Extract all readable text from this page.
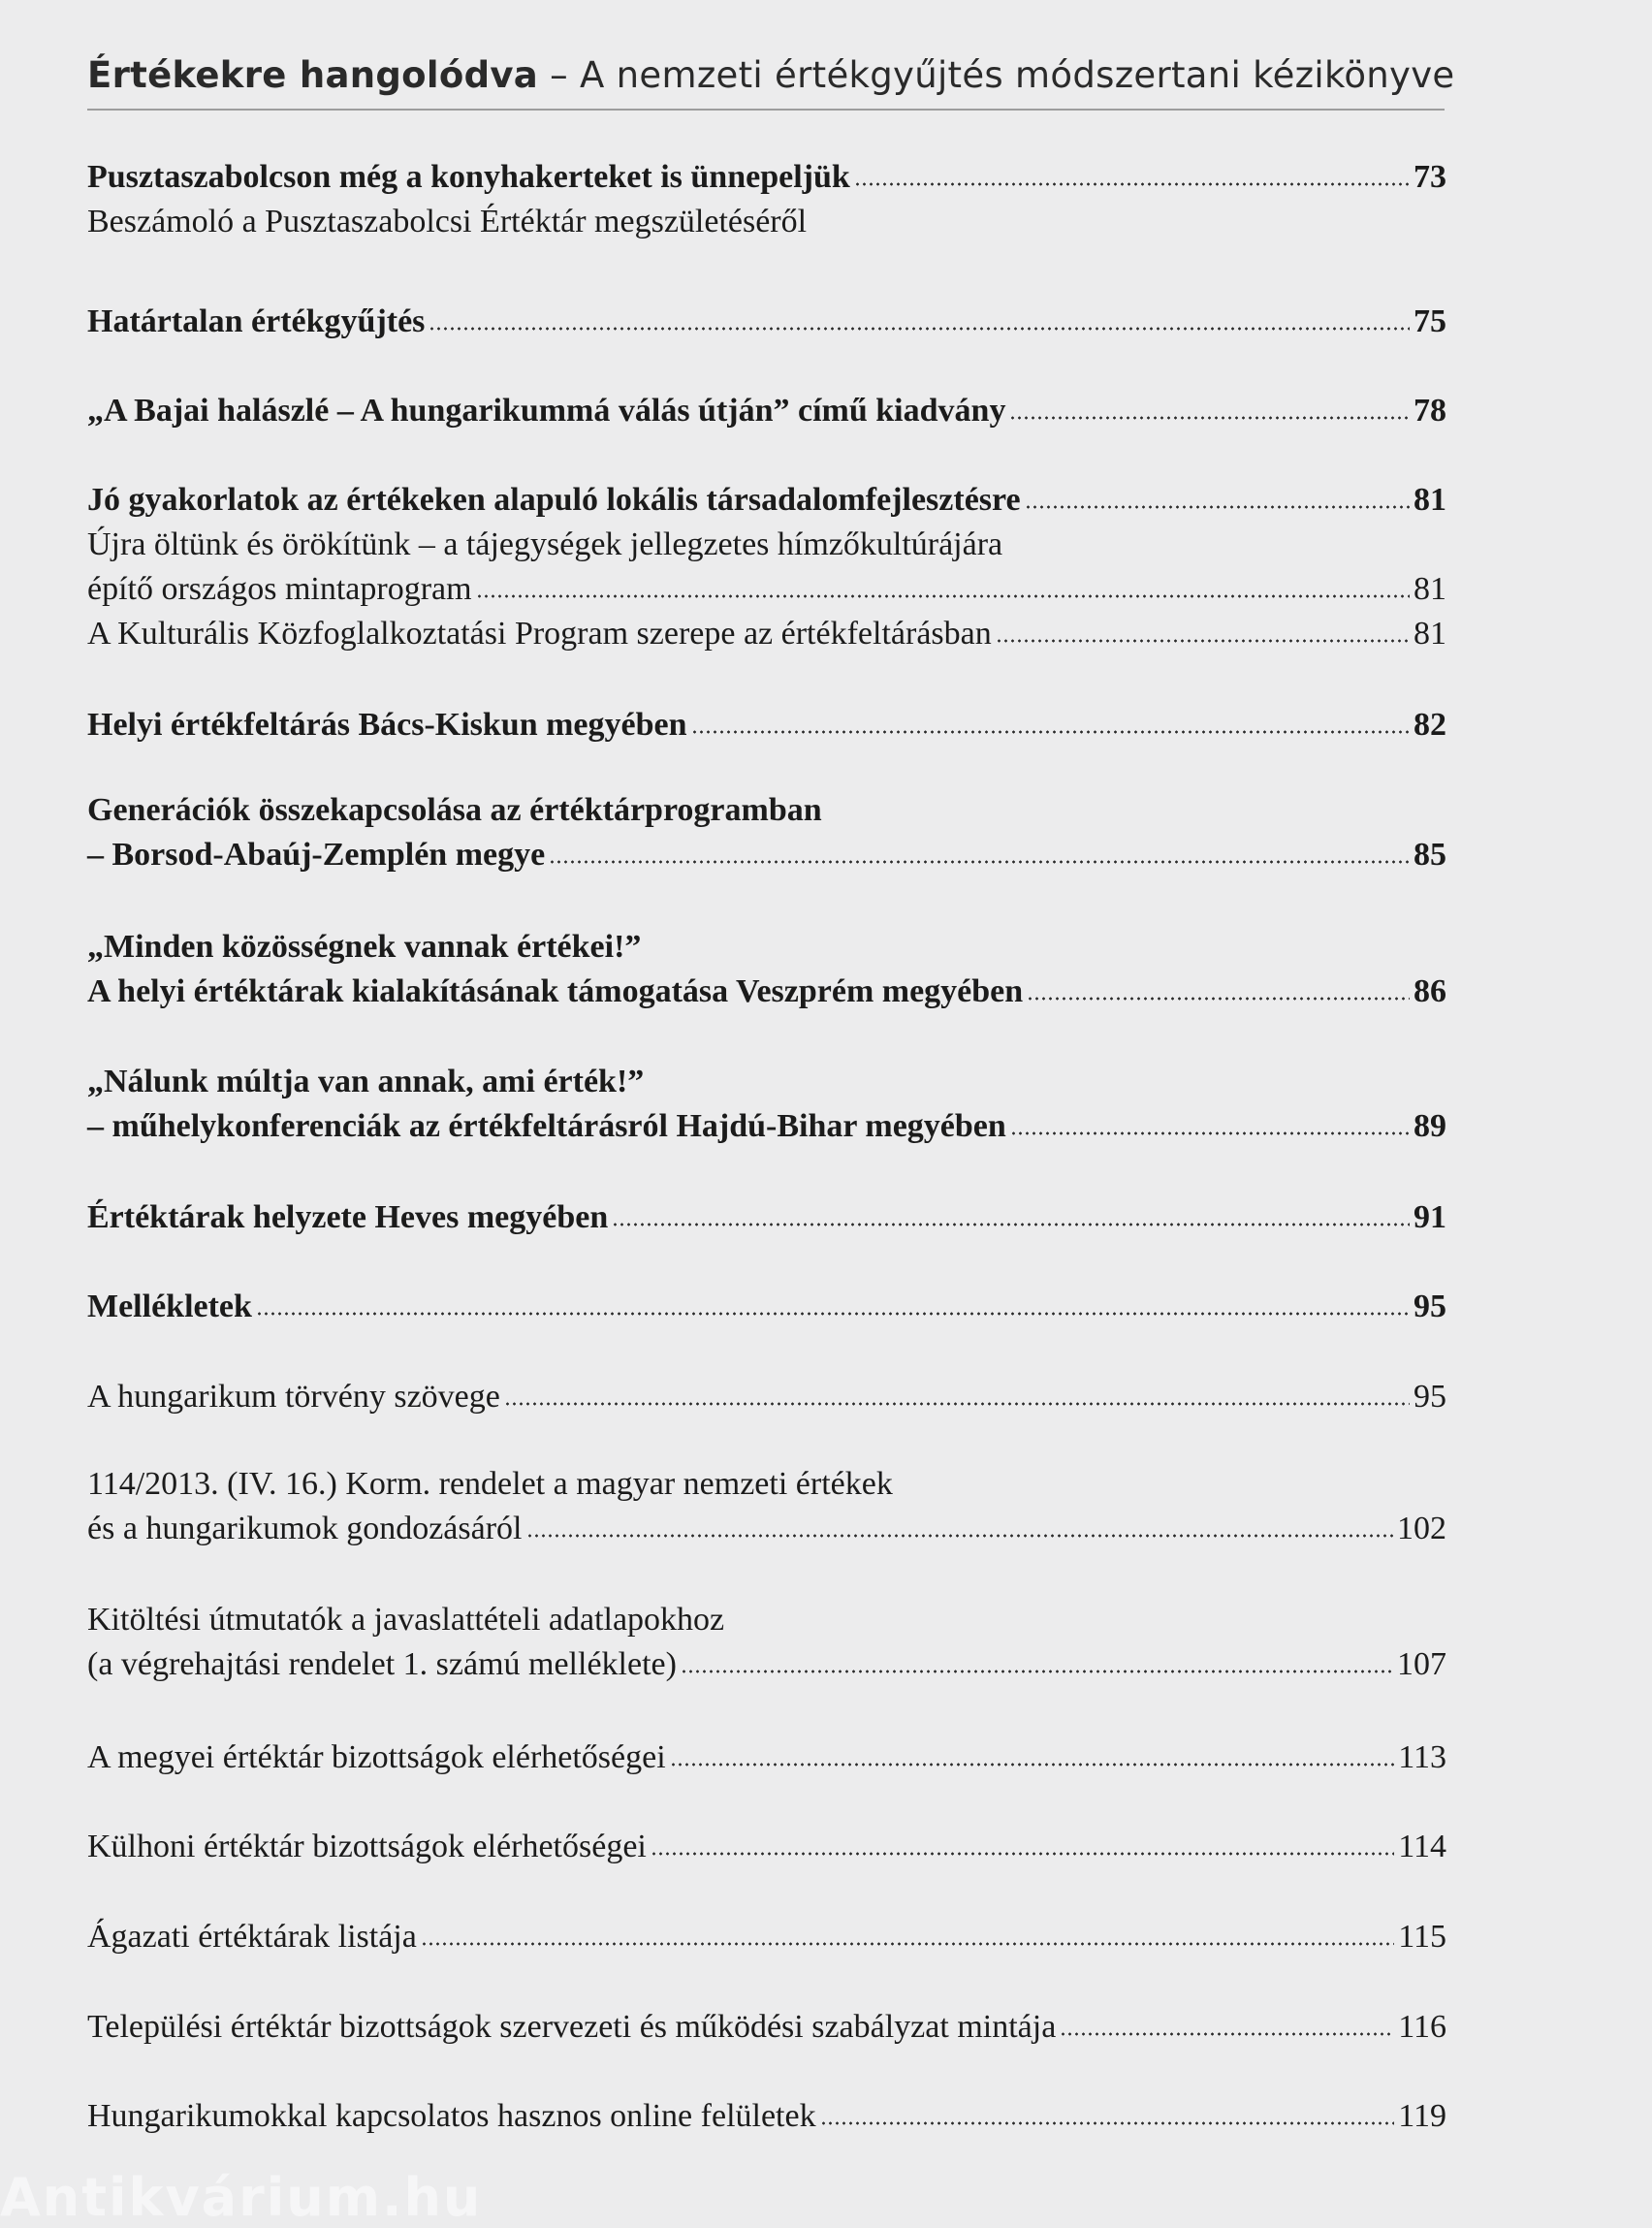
Értékekre hangolódva – A nemzeti értékgyűjtés módszertani kézikönyve
Pusztaszabolcson még a konyhakerteket is ünnepeljük	73
Beszámoló a Pusztaszabolcsi Értéktár megszületéséről
Határtalan értékgyűjtés	75
„A Bajai halászlé – A hungarikummá válás útján” című kiadvány	78
Jó gyakorlatok az értékeken alapuló lokális társadalomfejlesztésre	81
Újra öltünk és örökítünk – a tájegységek jellegzetes hímzőkultúrájára
építő országos mintaprogram	81
A Kulturális Közfoglalkoztatási Program szerepe az értékfeltárásban	81
Helyi értékfeltárás Bács-Kiskun megyében	82
Generációk összekapcsolása az értéktárprogramban
– Borsod-Abaúj-Zemplén megye	85
„Minden közösségnek vannak értékei!”
A helyi értéktárak kialakításának támogatása Veszprém megyében	86
„Nálunk múltja van annak, ami érték!”
– műhelykonferenciák az értékfeltárásról Hajdú-Bihar megyében	89
Értéktárak helyzete Heves megyében	91
Mellékletek	95
A hungarikum törvény szövege	95
114/2013. (IV. 16.) Korm. rendelet a magyar nemzeti értékek
és a hungarikumok gondozásáról	102
Kitöltési útmutatók a javaslattételi adatlapokhoz
(a végrehajtási rendelet 1. számú melléklete)	107
A megyei értéktár bizottságok elérhetőségei	113
Külhoni értéktár bizottságok elérhetőségei	114
Ágazati értéktárak listája	115
Települési értéktár bizottságok szervezeti és működési szabályzat mintája	116
Hungarikumokkal kapcsolatos hasznos online felületek	119
Antikvárium.hu
